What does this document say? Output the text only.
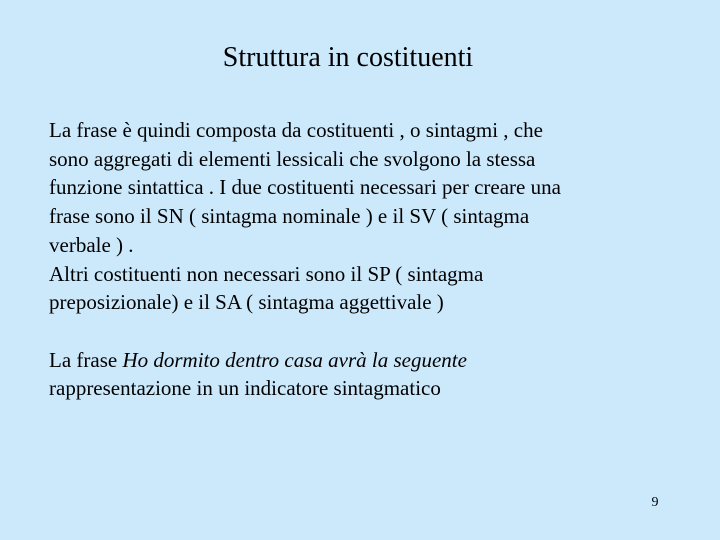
Struttura in costituenti
La frase è quindi composta da costituenti , o sintagmi , che
sono aggregati di elementi lessicali che svolgono la stessa
funzione sintattica . I due costituenti necessari per creare una
frase sono il SN ( sintagma nominale ) e il SV ( sintagma
verbale ) .
Altri costituenti non necessari sono il SP ( sintagma
preposizionale) e il SA ( sintagma aggettivale )
La frase Ho dormito dentro casa avrà la seguente
rappresentazione in un indicatore sintagmatico
9
